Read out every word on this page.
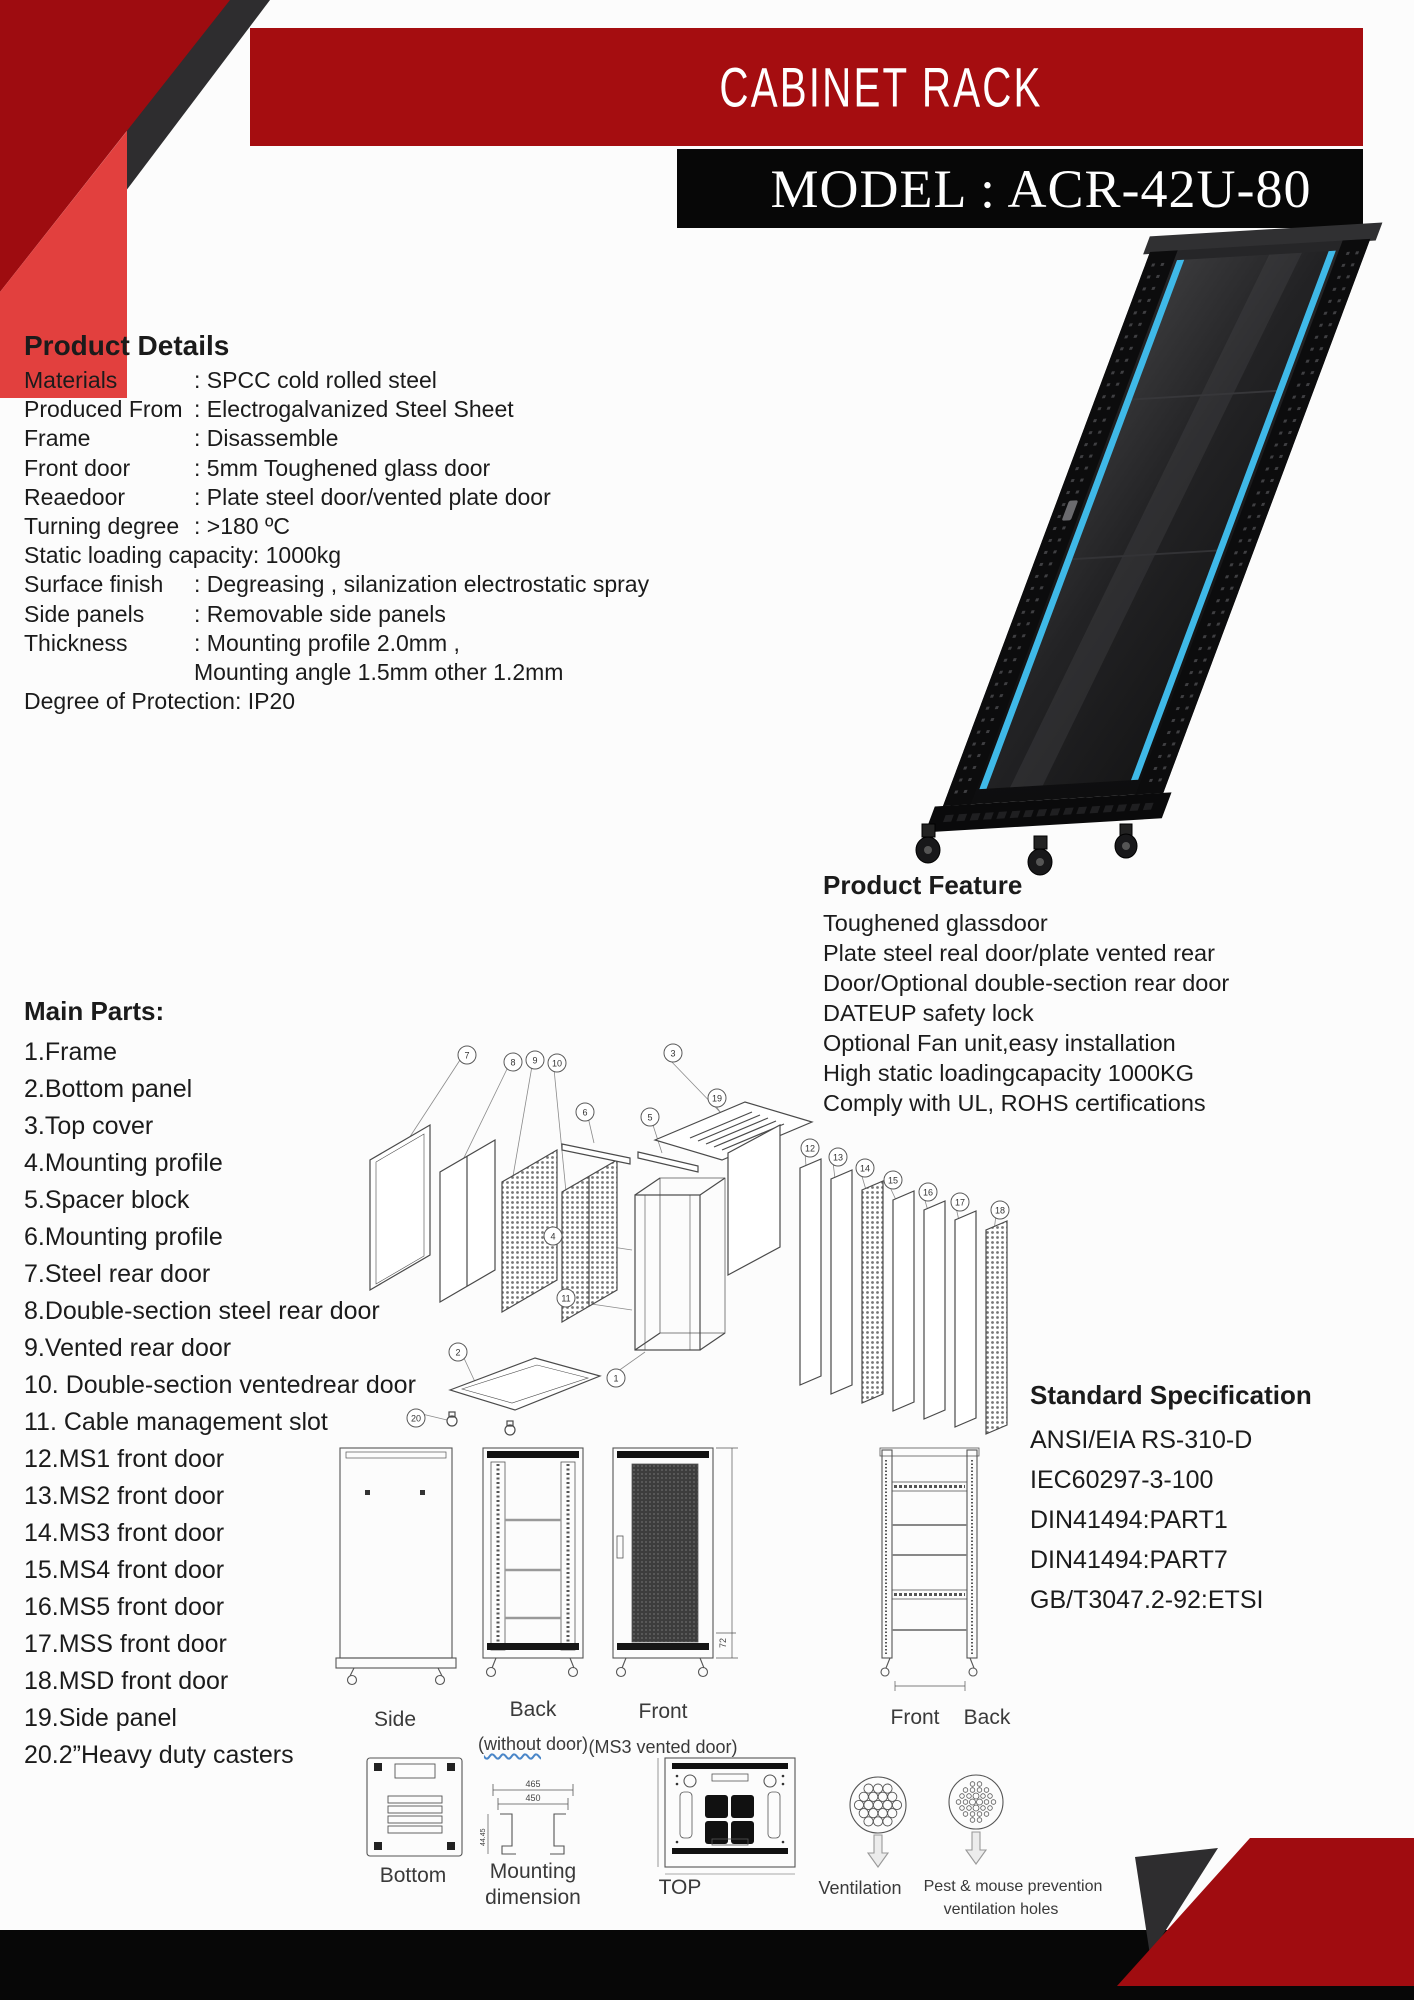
CABINET RACK
MODEL : ACR-42U-80
Product Details
Materials	: SPCC cold rolled steel
Produced From : Electrogalvanized Steel Sheet
Frame	: Disassemble
Front door	: 5mm Toughened glass door
Reaedoor	: Plate steel door/vented plate door
Turning degree : >180 ºC
Static loading capacity: 1000kg
Surface finish : Degreasing , silanization electrostatic spray
Side panels : Removable side panels
Thickness	: Mounting profile 2.0mm ,
Mounting angle 1.5mm other 1.2mm
Degree of Protection: IP20
Main Parts:
1.Frame
2.Bottom panel
3.Top cover
4.Mounting profile
5.Spacer block
6.Mounting profile
7.Steel rear door
8.Double-section steel rear door
9.Vented rear door
10. Double-section ventedrear door
11. Cable management slot
12.MS1 front door
13.MS2 front door
14.MS3 front door
15.MS4 front door
16.MS5 front door
17.MSS front door
18.MSD front door
19.Side panel
20.2”Heavy duty casters
Product Feature
Toughened glassdoor
Plate steel real door/plate vented rear
Door/Optional double-section rear door
DATEUP safety lock
Optional Fan unit,easy installation
High static loadingcapacity 1000KG
Comply with UL, ROHS certifications
Standard Specification
ANSI/EIA RS-310-D
IEC60297-3-100
DIN41494:PART1
DIN41494:PART7
GB/T3047.2-92:ETSI
7
8	9	10
3
19
6	5
12
13
14
15
16
17
18
4
11
1
2
20
72
Side	Back
(without door)
Front
(MS3 vented door)
Front Back
465
450
44.45
Bottom Mounting
dimension	TOP	Ventilation Pest & mouse prevention
ventilation holes
